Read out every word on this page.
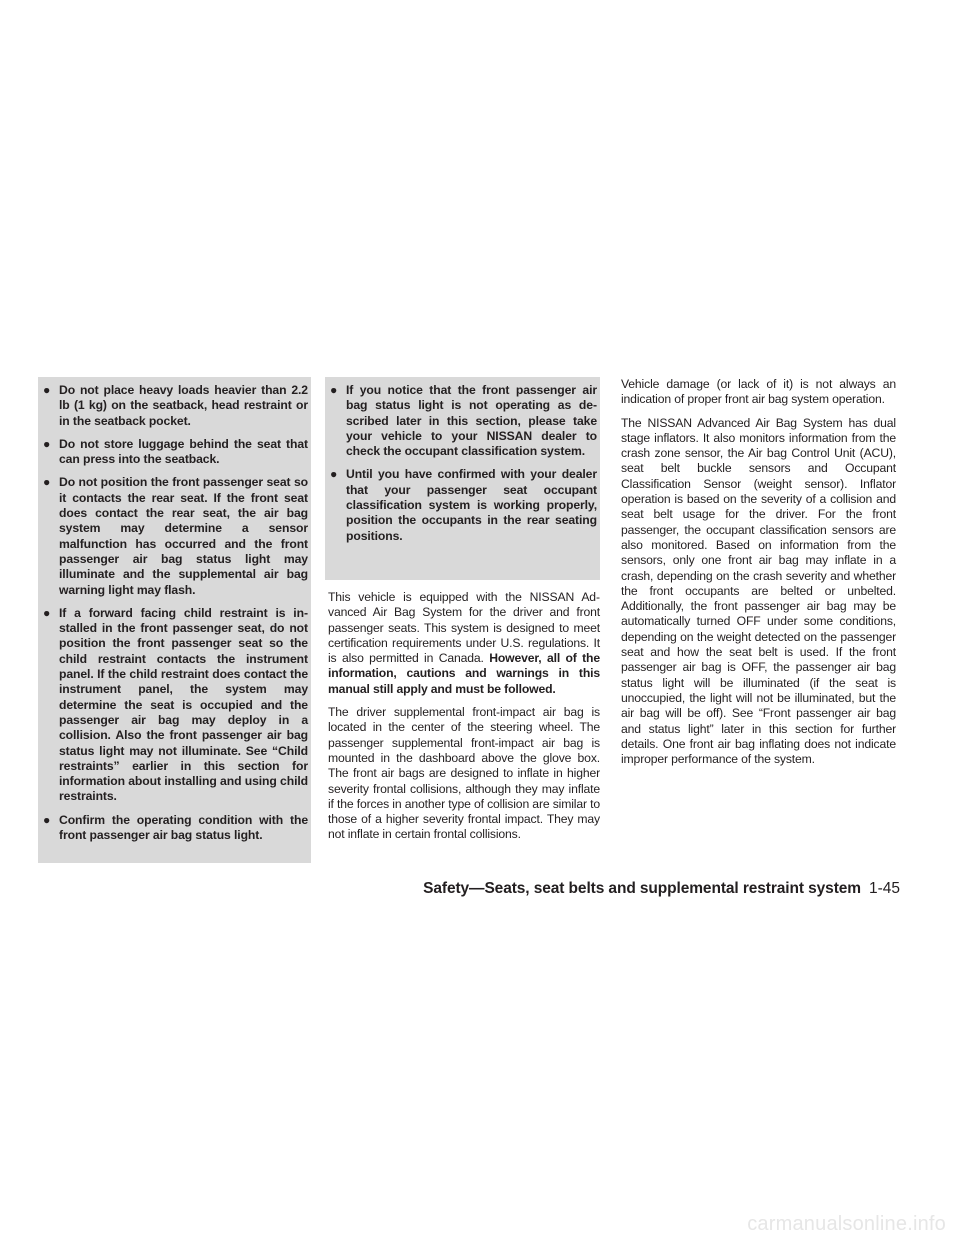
● Do not place heavy loads heavier than 2.2 lb (1 kg) on the seatback, head restraint or in the seatback pocket.
● Do not store luggage behind the seat that can press into the seatback.
● Do not position the front passenger seat so it contacts the rear seat. If the front seat does contact the rear seat, the air bag system may determine a sensor malfunction has occurred and the front passenger air bag status light may illuminate and the supplemental air bag warning light may flash.
● If a forward facing child restraint is installed in the front passenger seat, do not position the front passenger seat so the child restraint contacts the instrument panel. If the child restraint does contact the instrument panel, the system may determine the seat is occupied and the passenger air bag may deploy in a collision. Also the front passenger air bag status light may not illuminate. See “Child restraints” earlier in this section for information about installing and using child restraints.
● Confirm the operating condition with the front passenger air bag status light.
● If you notice that the front passenger air bag status light is not operating as described later in this section, please take your vehicle to your NISSAN dealer to check the occupant classification system.
● Until you have confirmed with your dealer that your passenger seat occupant classification system is working properly, position the occupants in the rear seating positions.

This vehicle is equipped with the NISSAN Advanced Air Bag System for the driver and front passenger seats. This system is designed to meet certification requirements under U.S. regulations. It is also permitted in Canada. However, all of the information, cautions and warnings in this manual still apply and must be followed.

The driver supplemental front-impact air bag is located in the center of the steering wheel. The passenger supplemental front-impact air bag is mounted in the dashboard above the glove box. The front air bags are designed to inflate in higher severity frontal collisions, although they may inflate if the forces in another type of collision are similar to those of a higher severity frontal impact. They may not inflate in certain frontal collisions.

Vehicle damage (or lack of it) is not always an indication of proper front air bag system operation.

The NISSAN Advanced Air Bag System has dual stage inflators. It also monitors information from the crash zone sensor, the Air bag Control Unit (ACU), seat belt buckle sensors and Occupant Classification Sensor (weight sensor). Inflator operation is based on the severity of a collision and seat belt usage for the driver. For the front passenger, the occupant classification sensors are also monitored. Based on information from the sensors, only one front air bag may inflate in a crash, depending on the crash severity and whether the front occupants are belted or unbelted. Additionally, the front passenger air bag may be automatically turned OFF under some conditions, depending on the weight detected on the passenger seat and how the seat belt is used. If the front passenger air bag is OFF, the passenger air bag status light will be illuminated (if the seat is unoccupied, the light will not be illuminated, but the air bag will be off). See “Front passenger air bag and status light” later in this section for further details. One front air bag inflating does not indicate improper performance of the system.

Safety—Seats, seat belts and supplemental restraint system 1-45
carmanualsonline.info
